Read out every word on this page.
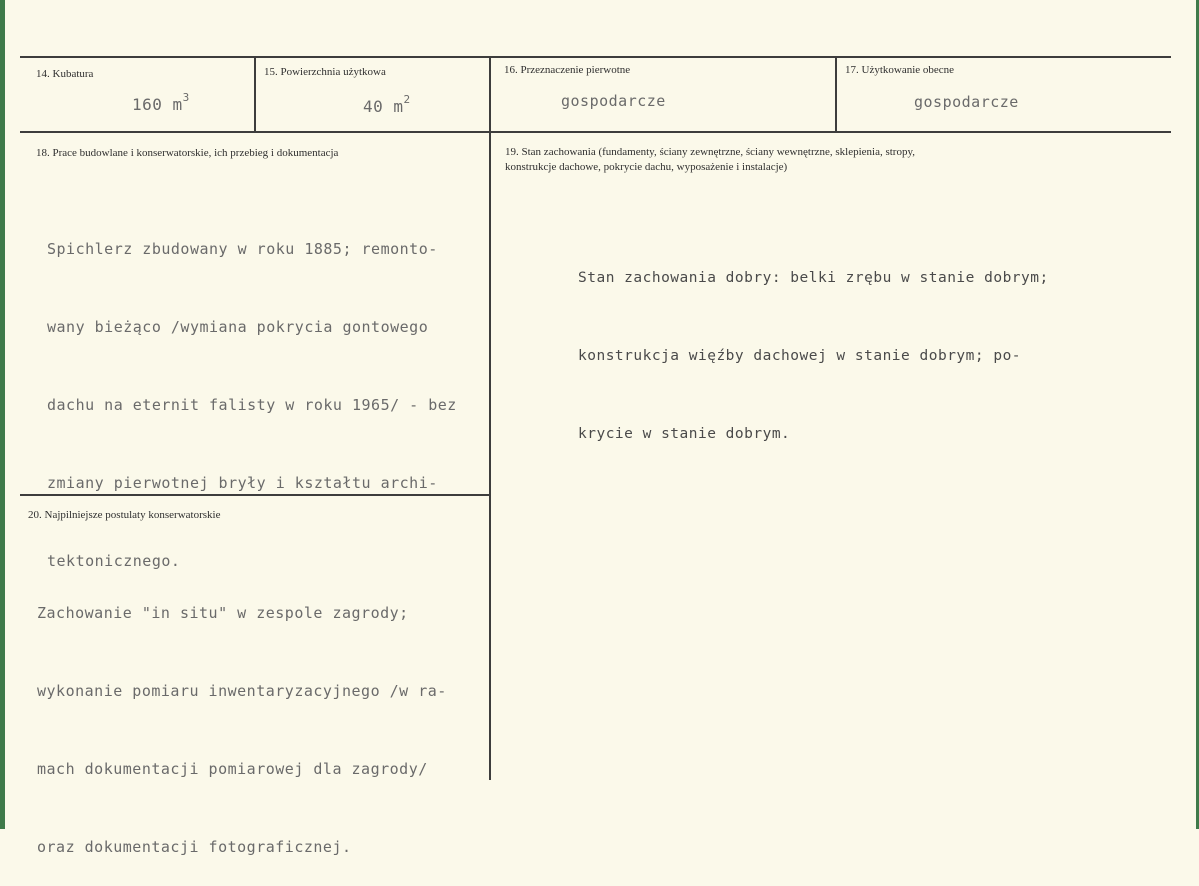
14. Kubatura
160 $m^3$
15. Powierzchnia użytkowa
40 $m^2$
16. Przeznaczenie pierwotne
gospodarcze
17. Użytkowanie obecne
gospodarcze
18. Prace budowlane i konserwatorskie, ich przebieg i dokumentacja

Spichlerz zbudowany w roku 1885; remonto-

wany bieżąco /wymiana pokrycia gontowego

dachu na eternit falisty w roku 1965/ - bez

zmiany pierwotnej bryły i kształtu archi-

tektonicznego.

19. Stan zachowania (fundamenty, ściany zewnętrzne, ściany wewnętrzne, sklepienia, stropy,
konstrukcje dachowe, pokrycie dachu, wyposażenie i instalacje)

Stan zachowania dobry: belki zrębu w stanie dobrym;

konstrukcja więźby dachowej w stanie dobrym; po-

krycie w stanie dobrym.

20. Najpilniejsze postulaty konserwatorskie

Zachowanie "in situ" w zespole zagrody;

wykonanie pomiaru inwentaryzacyjnego /w ra-

mach dokumentacji pomiarowej dla zagrody/

oraz dokumentacji fotograficznej.
